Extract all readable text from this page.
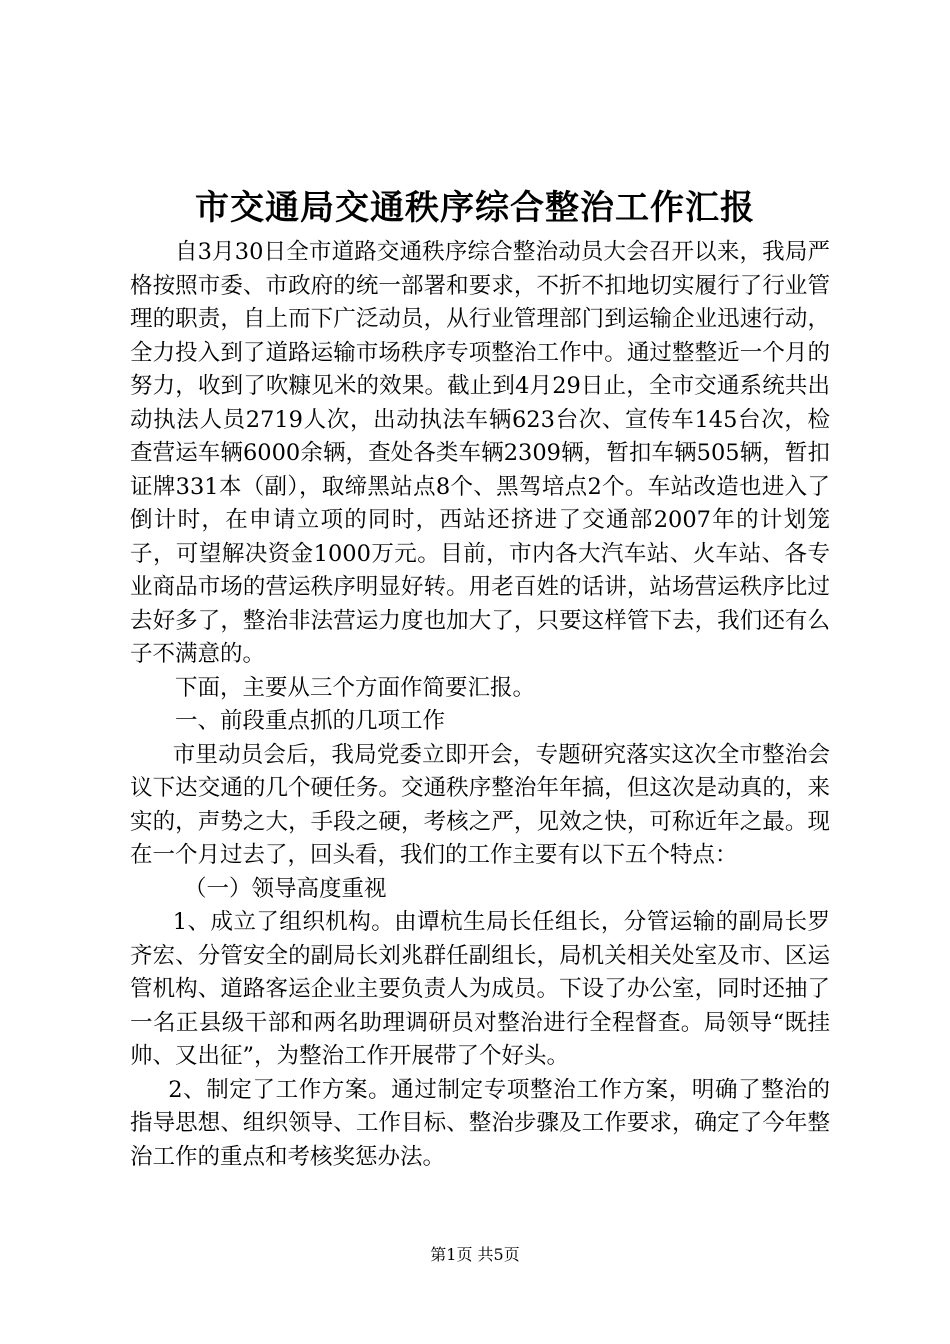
市交通局交通秩序综合整治工作汇报

自3月30日全市道路交通秩序综合整治动员大会召开以来，我局严格按照市委、市政府的统一部署和要求，不折不扣地切实履行了行业管理的职责，自上而下广泛动员，从行业管理部门到运输企业迅速行动，全力投入到了道路运输市场秩序专项整治工作中。通过整整近一个月的努力，收到了吹糠见米的效果。截止到4月29日止，全市交通系统共出动执法人员2719人次，出动执法车辆623台次、宣传车145台次，检查营运车辆6000余辆，查处各类车辆2309辆，暂扣车辆505辆，暂扣证牌331本（副），取缔黑站点8个、黑驾培点2个。车站改造也进入了倒计时，在申请立项的同时，西站还挤进了交通部2007年的计划笼子，可望解决资金1000万元。目前，市内各大汽车站、火车站、各专业商品市场的营运秩序明显好转。用老百姓的话讲，站场营运秩序比过去好多了，整治非法营运力度也加大了，只要这样管下去，我们还有么子不满意的。

下面，主要从三个方面作简要汇报。

一、前段重点抓的几项工作

市里动员会后，我局党委立即开会，专题研究落实这次全市整治会议下达交通的几个硬任务。交通秩序整治年年搞，但这次是动真的，来实的，声势之大，手段之硬，考核之严，见效之快，可称近年之最。现在一个月过去了，回头看，我们的工作主要有以下五个特点：

（一）领导高度重视

1、成立了组织机构。由谭杭生局长任组长，分管运输的副局长罗齐宏、分管安全的副局长刘兆群任副组长，局机关相关处室及市、区运管机构、道路客运企业主要负责人为成员。下设了办公室，同时还抽了一名正县级干部和两名助理调研员对整治进行全程督查。局领导“既挂帅、又出征”，为整治工作开展带了个好头。

2、制定了工作方案。通过制定专项整治工作方案，明确了整治的指导思想、组织领导、工作目标、整治步骤及工作要求，确定了今年整治工作的重点和考核奖惩办法。

第1页 共5页
